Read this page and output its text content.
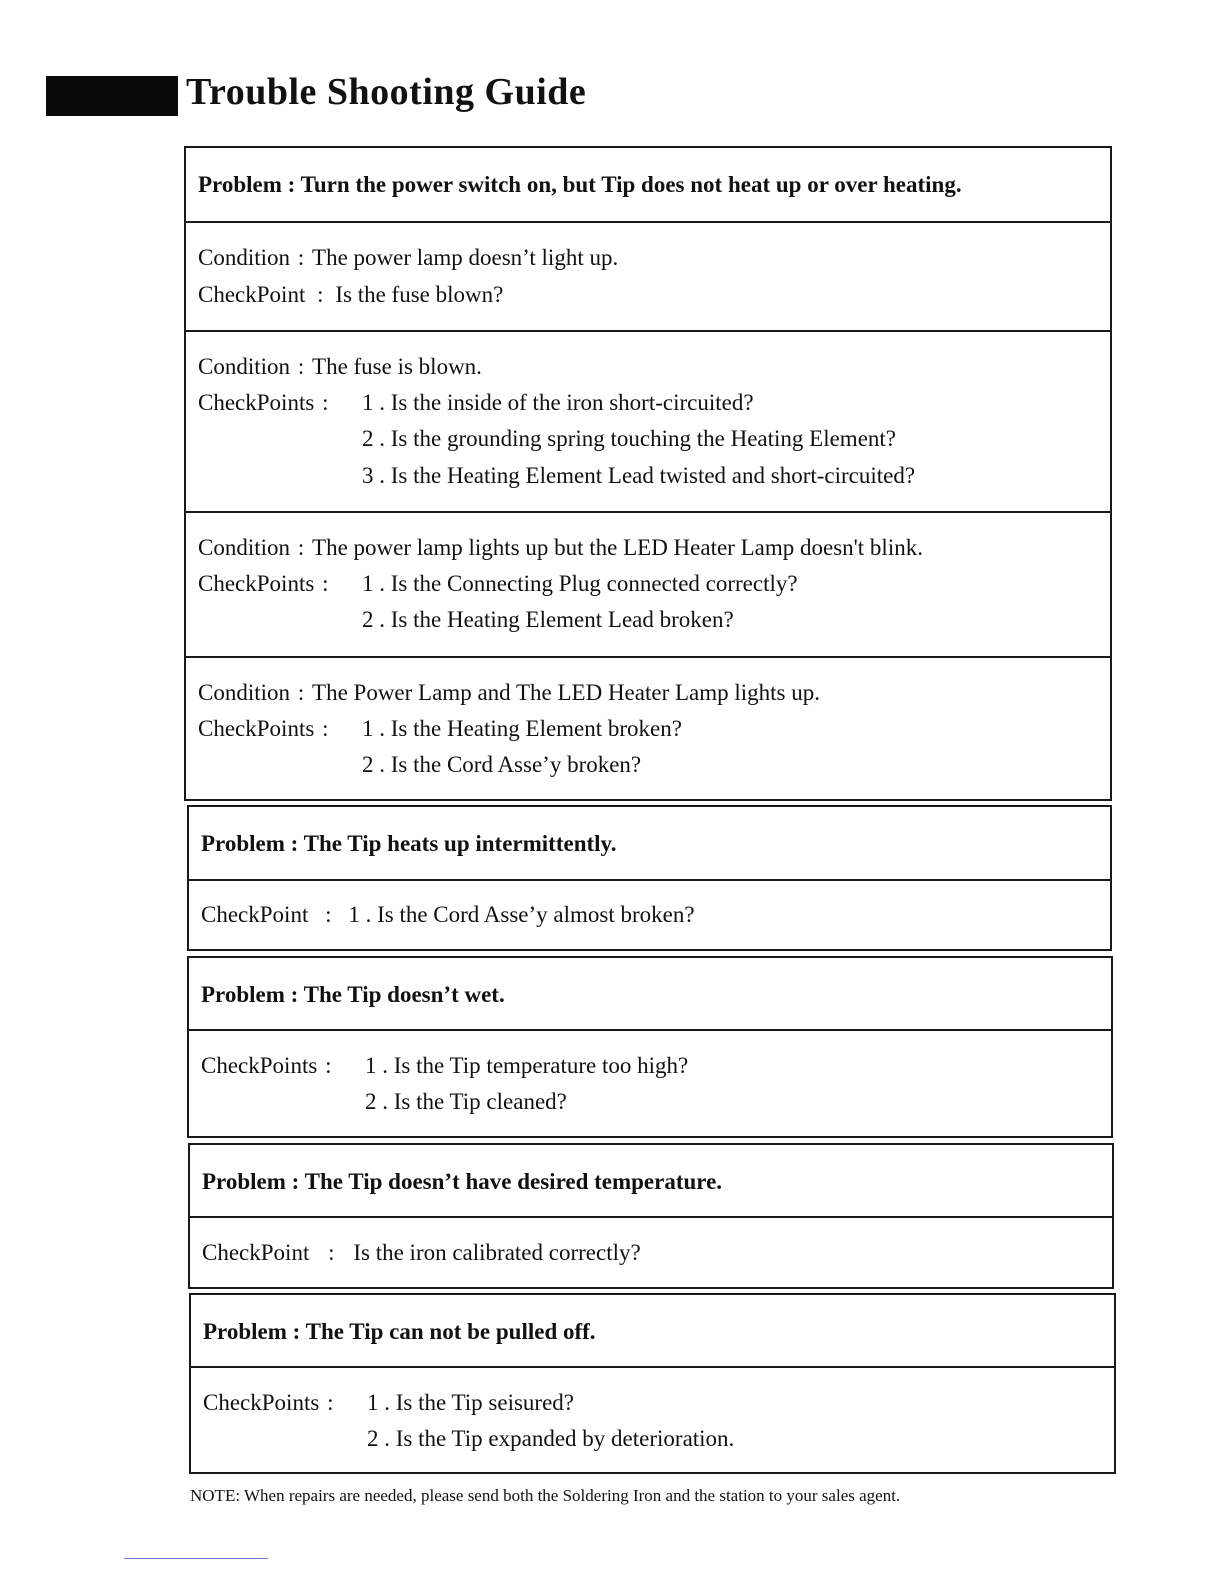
Trouble Shooting Guide
Problem : Turn the power switch on, but Tip does not heat up or over heating.
Condition : The power lamp doesn’t light up.
CheckPoint : Is the fuse blown?
Condition : The fuse is blown.
CheckPoints :	1 . Is the inside of the iron short-circuited?
2 . Is the grounding spring touching the Heating Element?
3 . Is the Heating Element Lead twisted and short-circuited?
Condition : The power lamp lights up but the LED Heater Lamp doesn't blink.
CheckPoints :	1 . Is the Connecting Plug connected correctly?
2 . Is the Heating Element Lead broken?
Condition : The Power Lamp and The LED Heater Lamp lights up.
CheckPoints :	1 . Is the Heating Element broken?
2 . Is the Cord Asse’y broken?
Problem : The Tip heats up intermittently.
CheckPoint : 1 . Is the Cord Asse’y almost broken?
Problem : The Tip doesn’t wet.
CheckPoints :	1 . Is the Tip temperature too high?
2 . Is the Tip cleaned?
Problem : The Tip doesn’t have desired temperature.
CheckPoint : Is the iron calibrated correctly?
Problem : The Tip can not be pulled off.
CheckPoints :	1 . Is the Tip seisured?
2 . Is the Tip expanded by deterioration.
NOTE: When repairs are needed, please send both the Soldering Iron and the station to your sales agent.
